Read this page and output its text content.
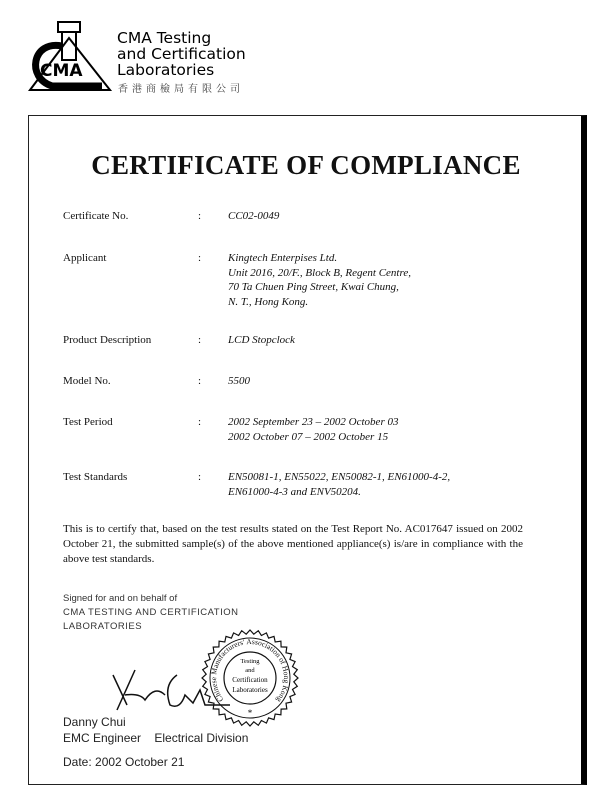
CMA
CMA Testing
and Certification
Laboratories
香港商檢局有限公司
CERTIFICATE OF COMPLIANCE
This is to certify that, based on the test results stated on the Test Report No. AC017647 issued on 2002 October 21, the submitted sample(s) of the above mentioned appliance(s) is/are in compliance with the above test standards.
Signed for and on behalf of
CMA TESTING AND CERTIFICATION
LABORATORIES
Chinese Manufacturers' Association of Hong Kong
Testing
and
Certification
Laboratories
*
Danny Chui
EMC Engineer    Electrical Division
Date: 2002 October 21
Certificate No.	: CC02-0049
Applicant	: Kingtech Enterpises Ltd.
Unit 2016, 20/F., Block B, Regent Centre,
70 Ta Chuen Ping Street, Kwai Chung,
N. T., Hong Kong.
Product Description	: LCD Stopclock
Model No.	: 5500
Test Period	: 2002 September 23 – 2002 October 03
2002 October 07 – 2002 October 15
Test Standards	: EN50081-1, EN55022, EN50082-1, EN61000-4-2,
EN61000-4-3 and ENV50204.
